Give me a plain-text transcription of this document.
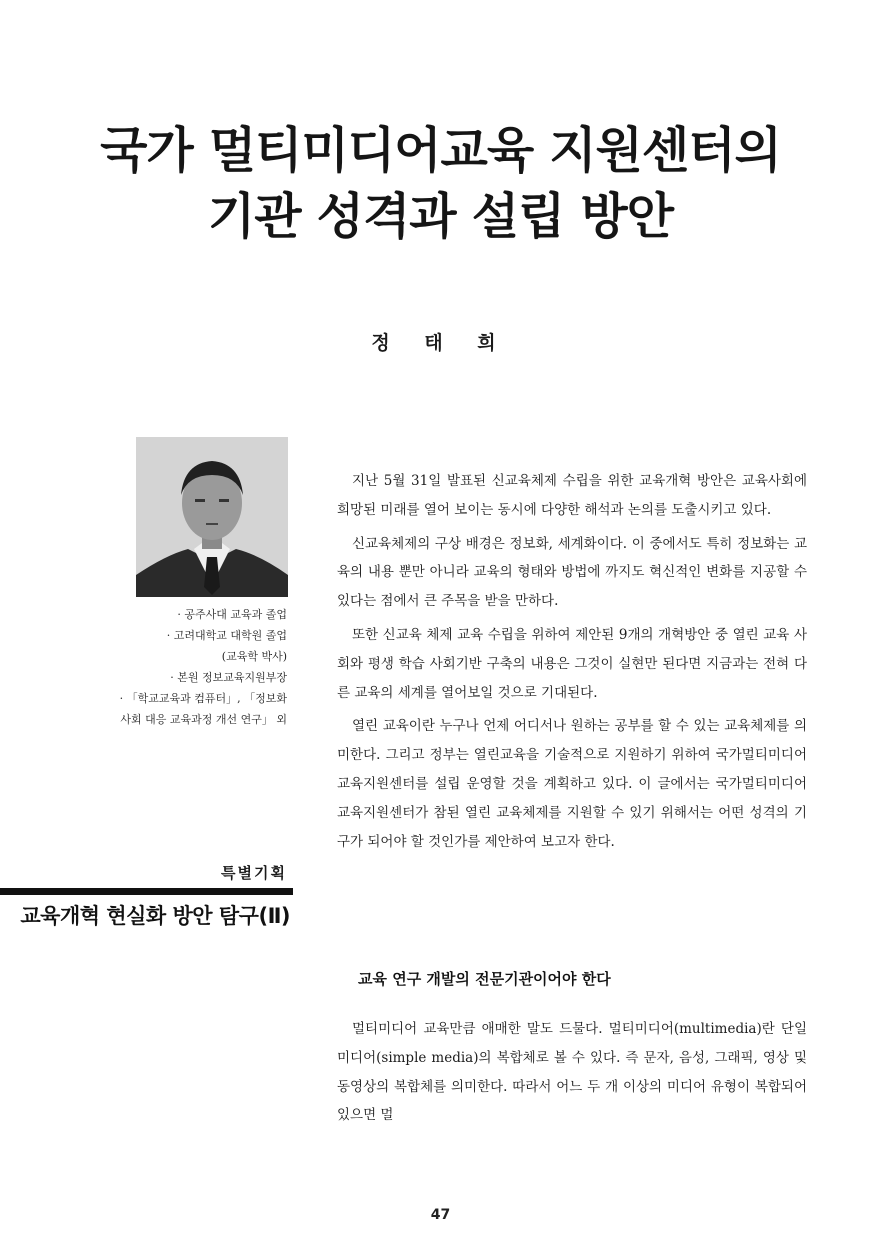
국가 멀티미디어교육 지원센터의
기관 성격과 설립 방안
정 태 희
· 공주사대 교육과 졸업
· 고려대학교 대학원 졸업
(교육학 박사)
· 본원 정보교육지원부장
· 「학교교육과 컴퓨터」, 「정보화
사회 대응 교육과정 개선 연구」 외
특별기획
교육개혁 현실화 방안 탐구(Ⅱ)

지난 5월 31일 발표된 신교육체제 수립을 위한 교육개혁 방안은 교육사회에 희망된 미래를 열어 보이는 동시에 다양한 해석과 논의를 도출시키고 있다.

신교육체제의 구상 배경은 정보화, 세계화이다. 이 중에서도 특히 정보화는 교육의 내용 뿐만 아니라 교육의 형태와 방법에 까지도 혁신적인 변화를 지공할 수 있다는 점에서 큰 주목을 받을 만하다.

또한 신교육 체제 교육 수립을 위하여 제안된 9개의 개혁방안 중 열린 교육 사회와 평생 학습 사회기반 구축의 내용은 그것이 실현만 된다면 지금과는 전혀 다른 교육의 세계를 열어보일 것으로 기대된다.

열린 교육이란 누구나 언제 어디서나 원하는 공부를 할 수 있는 교육체제를 의미한다. 그리고 정부는 열린교육을 기술적으로 지원하기 위하여 국가멀티미디어 교육지원센터를 설립 운영할 것을 계획하고 있다. 이 글에서는 국가멀티미디어 교육지원센터가 참된 열린 교육체제를 지원할 수 있기 위해서는 어떤 성격의 기구가 되어야 할 것인가를 제안하여 보고자 한다.

교육 연구 개발의 전문기관이어야 한다

멀티미디어 교육만큼 애매한 말도 드물다. 멀티미디어(multimedia)란 단일 미디어(simple media)의 복합체로 볼 수 있다. 즉 문자, 음성, 그래픽, 영상 및 동영상의 복합체를 의미한다. 따라서 어느 두 개 이상의 미디어 유형이 복합되어 있으면 멀

47
